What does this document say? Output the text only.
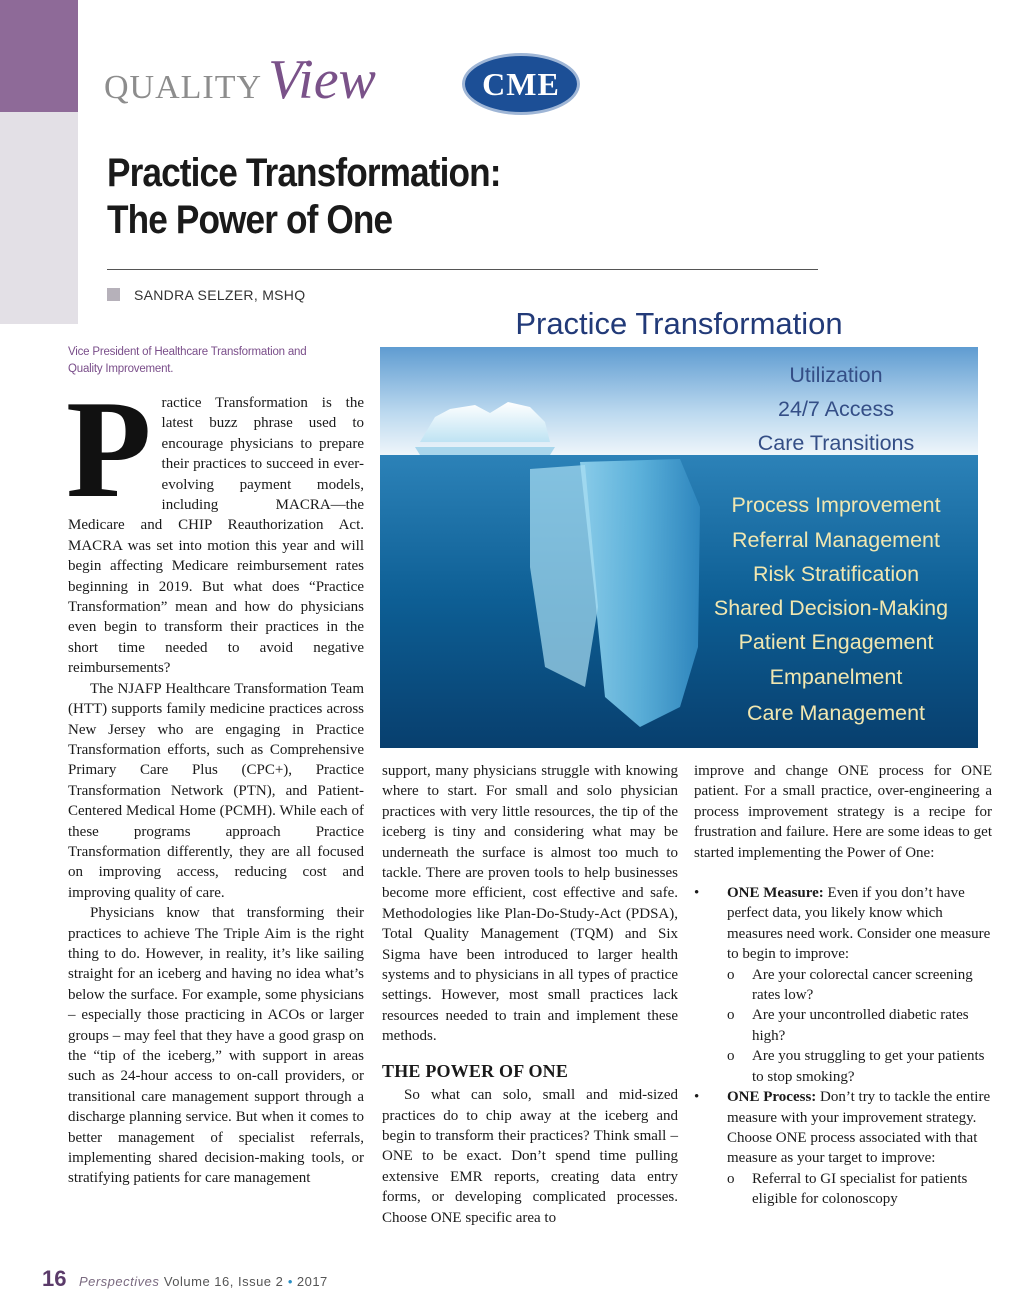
QUALITY View	CME
Practice Transformation:
The Power of One
SANDRA SELZER, MSHQ
Vice President of Healthcare Transformation and Quality Improvement.
Practice Transformation
Utilization
24/7 Access
Care Transitions
Process Improvement
Referral Management
Risk Stratification
Shared Decision-Making
Patient Engagement
Empanelment
Care Management
P ractice Transformation is the latest buzz phrase used to encourage physicians to prepare their practices to succeed in ever-evolving payment models, including MACRA—the Medicare and CHIP Reauthorization Act. MACRA was set into motion this year and will begin affecting Medicare reimbursement rates beginning in 2019. But what does “Practice Transformation” mean and how do physicians even begin to transform their practices in the short time needed to avoid negative reimbursements?

The NJAFP Healthcare Transformation Team (HTT) supports family medicine practices across New Jersey who are engaging in Practice Transformation efforts, such as Comprehensive Primary Care Plus (CPC+), Practice Transformation Network (PTN), and Patient-Centered Medical Home (PCMH). While each of these programs approach Practice Transformation differently, they are all focused on improving access, reducing cost and improving quality of care.

Physicians know that transforming their practices to achieve The Triple Aim is the right thing to do. However, in reality, it’s like sailing straight for an iceberg and having no idea what’s below the surface. For example, some physicians – especially those practicing in ACOs or larger groups – may feel that they have a good grasp on the “tip of the iceberg,” with support in areas such as 24-hour access to on-call providers, or transitional care management support through a discharge planning service. But when it comes to better management of specialist referrals, implementing shared decision-making tools, or stratifying patients for care management

support, many physicians struggle with knowing where to start. For small and solo physician practices with very little resources, the tip of the iceberg is tiny and considering what may be underneath the surface is almost too much to tackle. There are proven tools to help businesses become more efficient, cost effective and safe. Methodologies like Plan-Do-Study-Act (PDSA), Total Quality Management (TQM) and Six Sigma have been introduced to larger health systems and to physicians in all types of practice settings. However, most small practices lack resources needed to train and implement these methods.

THE POWER OF ONE

So what can solo, small and mid-sized practices do to chip away at the iceberg and begin to transform their practices? Think small – ONE to be exact. Don’t spend time pulling extensive EMR reports, creating data entry forms, or developing complicated processes. Choose ONE specific area to

improve and change ONE process for ONE patient. For a small practice, over-engineering a process improvement strategy is a recipe for frustration and failure. Here are some ideas to get started implementing the Power of One:

•	ONE Measure: Even if you don’t have perfect data, you likely know which measures need work. Consider one measure to begin to improve:
o	Are your colorectal cancer screening rates low?
o	Are your uncontrolled diabetic rates high?
o	Are you struggling to get your patients to stop smoking?
•	ONE Process: Don’t try to tackle the entire measure with your improvement strategy. Choose ONE process associated with that measure as your target to improve:
o	Referral to GI specialist for patients eligible for colonoscopy
16 Perspectives Volume 16, Issue 2 • 2017
